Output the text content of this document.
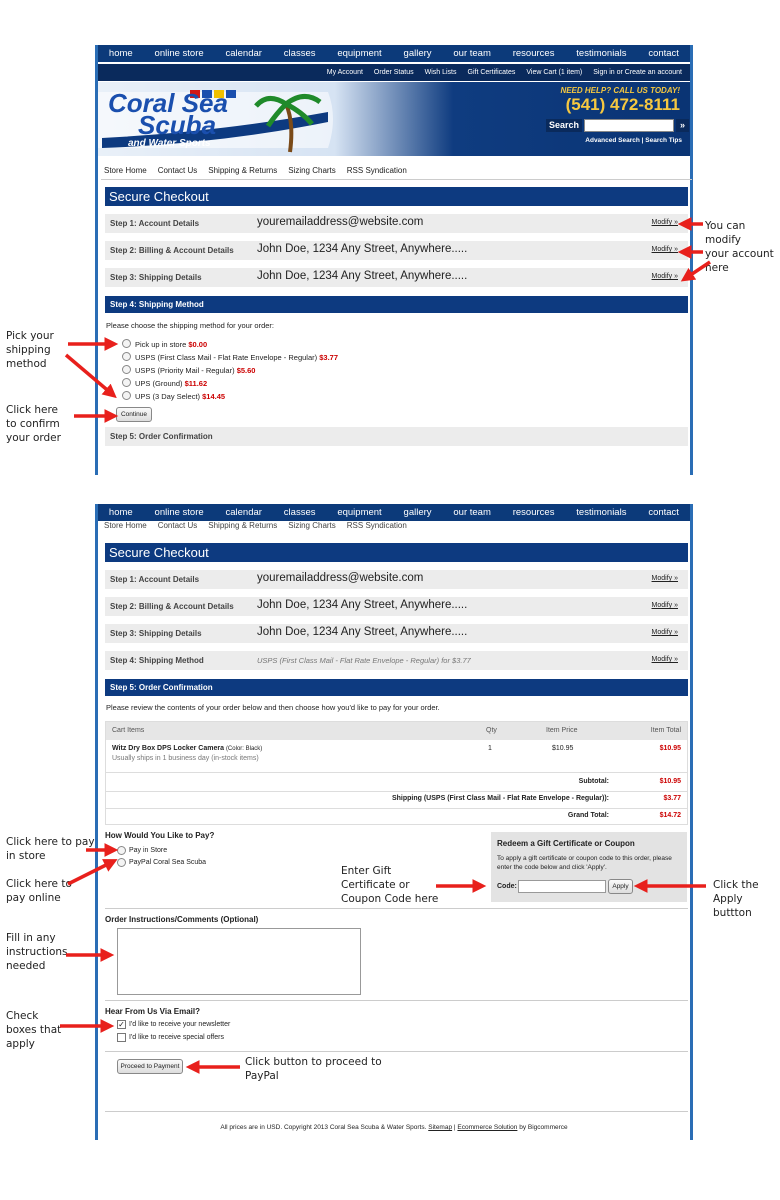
home online store calendar classes equipment gallery our team resources testimonials contact
My Account Order Status Wish Lists Gift Certificates View Cart (1 item) Sign in or Create an account
Coral Sea
Scuba
and Water Sports
NEED HELP? CALL US TODAY!
(541) 472-8111
Search	»
Advanced Search | Search Tips
Store Home Contact Us Shipping & Returns Sizing Charts RSS Syndication
Secure Checkout
Step 1: Account Details	youremailaddress@website.com	Modify »
Step 2: Billing & Account Details John Doe, 1234 Any Street, Anywhere.....	Modify »
Step 3: Shipping Details	John Doe, 1234 Any Street, Anywhere.....	Modify »
Step 4: Shipping Method
Please choose the shipping method for your order:
Pick up in store $0.00
USPS (First Class Mail - Flat Rate Envelope - Regular) $3.77
USPS (Priority Mail - Regular) $5.60
UPS (Ground) $11.62
UPS (3 Day Select) $14.45
Continue
Step 5: Order Confirmation
home online store calendar classes equipment gallery our team resources testimonials contact
Store Home Contact Us Shipping & Returns Sizing Charts RSS Syndication
Secure Checkout
Step 1: Account Details	youremailaddress@website.com	Modify »
Step 2: Billing & Account Details John Doe, 1234 Any Street, Anywhere.....	Modify »
Step 3: Shipping Details	John Doe, 1234 Any Street, Anywhere.....	Modify »
Step 4: Shipping Method	USPS (First Class Mail - Flat Rate Envelope - Regular) for $3.77	Modify »
Step 5: Order Confirmation
Please review the contents of your order below and then choose how you'd like to pay for your order.
Cart Items	Qty	Item Price	Item Total
Witz Dry Box DPS Locker Camera (Color: Black)
Usually ships in 1 business day (in-stock items)
1	$10.95	$10.95
Subtotal:	$10.95
Shipping (USPS (First Class Mail - Flat Rate Envelope - Regular)):	$3.77
Grand Total:	$14.72
How Would You Like to Pay?
Pay in Store
PayPal Coral Sea Scuba
Redeem a Gift Certificate or Coupon
To apply a gift certificate or coupon code to this order, please enter the code below and click 'Apply'.
Code:	Apply
Order Instructions/Comments (Optional)
Hear From Us Via Email?
✓ I'd like to receive your newsletter
I'd like to receive special offers
Proceed to Payment
All prices are in USD. Copyright 2013 Coral Sea Scuba & Water Sports. Sitemap | Ecommerce Solution by Bigcommerce
You can modify
your account
here
Pick your
shipping
method
Click here
to confirm
your order
Click here to pay
in store
Click here to
pay online
Enter Gift
Certificate or
Coupon Code here
Click the
Apply
buttton
Fill in any
instructions
needed
Check
boxes that
apply
Click button to proceed to
PayPal
